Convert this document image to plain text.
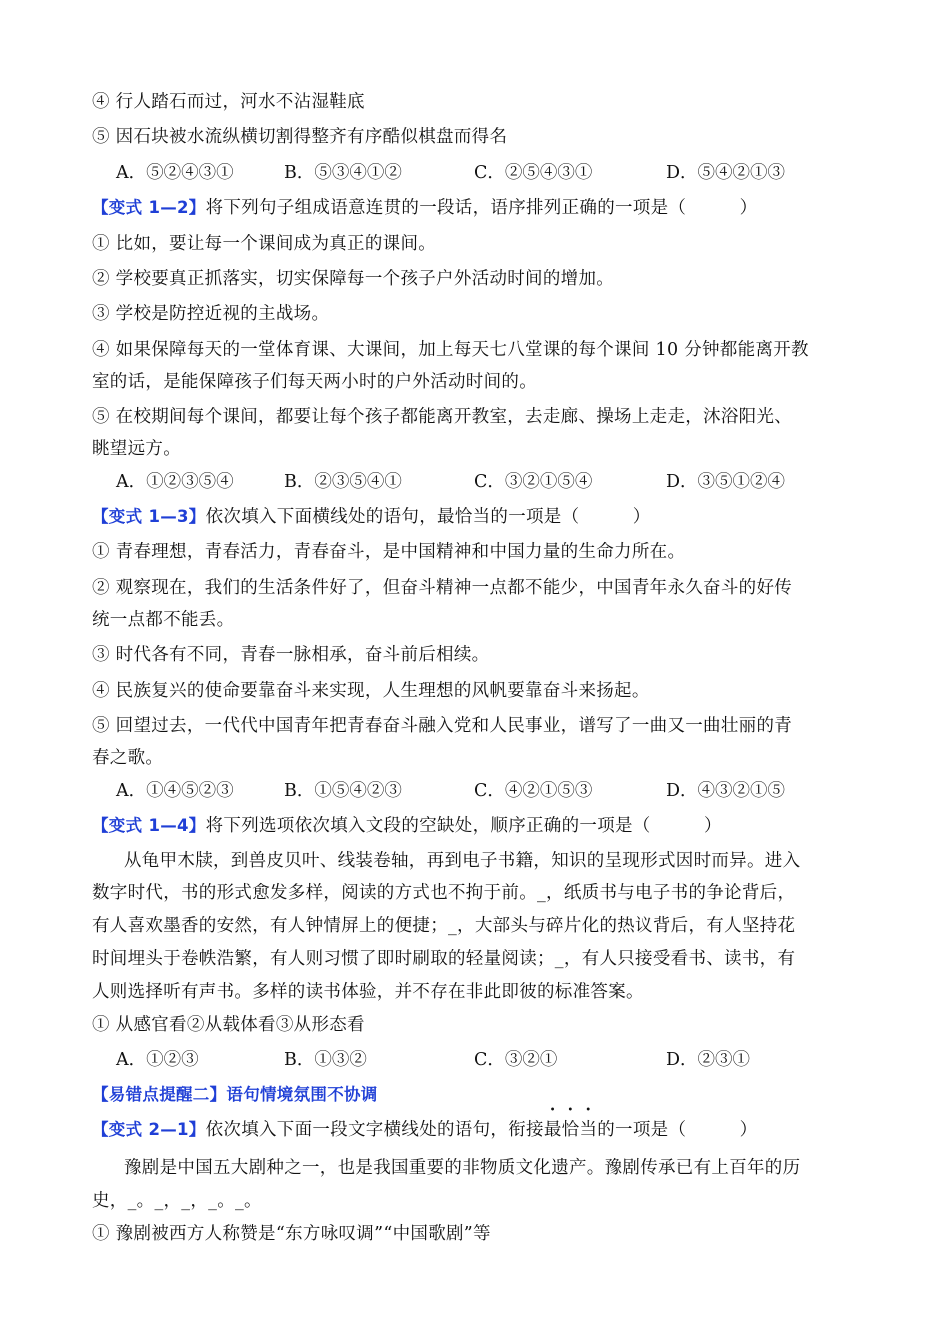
④ 行人踏石而过，河水不沾湿鞋底
⑤ 因石块被水流纵横切割得整齐有序酷似棋盘而得名
A．⑤②④③①	B．⑤③④①②	C．②⑤④③①	D．⑤④②①③
【变式 1—2】将下列句子组成语意连贯的一段话，语序排列正确的一项是（　　　）
① 比如，要让每一个课间成为真正的课间。
② 学校要真正抓落实，切实保障每一个孩子户外活动时间的增加。
③ 学校是防控近视的主战场。
④ 如果保障每天的一堂体育课、大课间，加上每天七八堂课的每个课间 10 分钟都能离开教
室的话，是能保障孩子们每天两小时的户外活动时间的。
⑤ 在校期间每个课间，都要让每个孩子都能离开教室，去走廊、操场上走走，沐浴阳光、
眺望远方。
A．①②③⑤④	B．②③⑤④①	C．③②①⑤④	D．③⑤①②④
【变式 1—3】依次填入下面横线处的语句，最恰当的一项是（　　　）
① 青春理想，青春活力，青春奋斗，是中国精神和中国力量的生命力所在。
② 观察现在，我们的生活条件好了，但奋斗精神一点都不能少，中国青年永久奋斗的好传
统一点都不能丢。
③ 时代各有不同，青春一脉相承，奋斗前后相续。
④ 民族复兴的使命要靠奋斗来实现，人生理想的风帆要靠奋斗来扬起。
⑤ 回望过去，一代代中国青年把青春奋斗融入党和人民事业，谱写了一曲又一曲壮丽的青
春之歌。
A．①④⑤②③	B．①⑤④②③	C．④②①⑤③	D．④③②①⑤
【变式 1—4】将下列选项依次填入文段的空缺处，顺序正确的一项是（　　　）
从龟甲木牍，到兽皮贝叶、线装卷轴，再到电子书籍，知识的呈现形式因时而异。进入
数字时代，书的形式愈发多样，阅读的方式也不拘于前。_，纸质书与电子书的争论背后，
有人喜欢墨香的安然，有人钟情屏上的便捷；_，大部头与碎片化的热议背后，有人坚持花
时间埋头于卷帙浩繁，有人则习惯了即时刷取的轻量阅读；_，有人只接受看书、读书，有
人则选择听有声书。多样的读书体验，并不存在非此即彼的标准答案。
① 从感官看②从载体看③从形态看
A．①②③	B．①③②	C．③②①	D．②③①
【易错点提醒二】语句情境氛围不协调
【变式 2—1】依次填入下面一段文字横线处的语句，衔接最恰当的一项是（　　　）
豫剧是中国五大剧种之一，也是我国重要的非物质文化遗产。豫剧传承已有上百年的历
史，_。_，_，_。_。
① 豫剧被西方人称赞是“东方咏叹调”“中国歌剧”等
